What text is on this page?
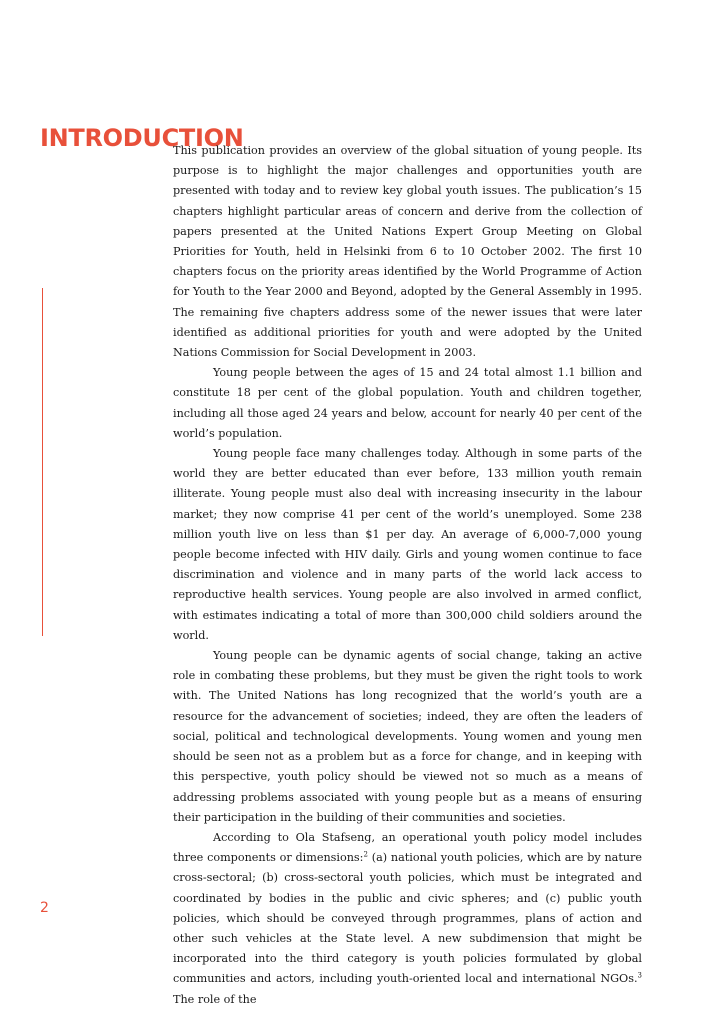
INTRODUCTION

This publication provides an overview of the global situation of young people. Its purpose is to highlight the major challenges and opportunities youth are presented with today and to review key global youth issues. The publication’s 15 chapters highlight particular areas of concern and derive from the collection of papers presented at the United Nations Expert Group Meeting on Global Priorities for Youth, held in Helsinki from 6 to 10 October 2002. The first 10 chapters focus on the priority areas identified by the World Programme of Action for Youth to the Year 2000 and Beyond, adopted by the General Assembly in 1995. The remaining five chapters address some of the newer issues that were later identified as additional priorities for youth and were adopted by the United Nations Commission for Social Development in 2003.

Young people between the ages of 15 and 24 total almost 1.1 billion and constitute 18 per cent of the global population. Youth and children together, including all those aged 24 years and below, account for nearly 40 per cent of the world’s population.

Young people face many challenges today. Although in some parts of the world they are better educated than ever before, 133 million youth remain illiterate. Young people must also deal with increasing insecurity in the labour market; they now comprise 41 per cent of the world’s unemployed. Some 238 million youth live on less than $1 per day. An average of 6,000-7,000 young people become infected with HIV daily. Girls and young women continue to face discrimination and violence and in many parts of the world lack access to reproductive health services. Young people are also involved in armed conflict, with estimates indicating a total of more than 300,000 child soldiers around the world.

Young people can be dynamic agents of social change, taking an active role in combating these problems, but they must be given the right tools to work with. The United Nations has long recognized that the world’s youth are a resource for the advancement of societies; indeed, they are often the leaders of social, political and technological developments. Young women and young men should be seen not as a problem but as a force for change, and in keeping with this perspective, youth policy should be viewed not so much as a means of addressing problems associated with young people but as a means of ensuring their participation in the building of their communities and societies.

According to Ola Stafseng, an operational youth policy model includes three components or dimensions:$^2$ (a) national youth policies, which are by nature cross-sectoral; (b) cross-sectoral youth policies, which must be integrated and coordinated by bodies in the public and civic spheres; and (c) public youth policies, which should be conveyed through programmes, plans of action and other such vehicles at the State level. A new subdimension that might be incorporated into the third category is youth policies formulated by global communities and actors, including youth-oriented local and international NGOs.$^3$ The role of the

2
